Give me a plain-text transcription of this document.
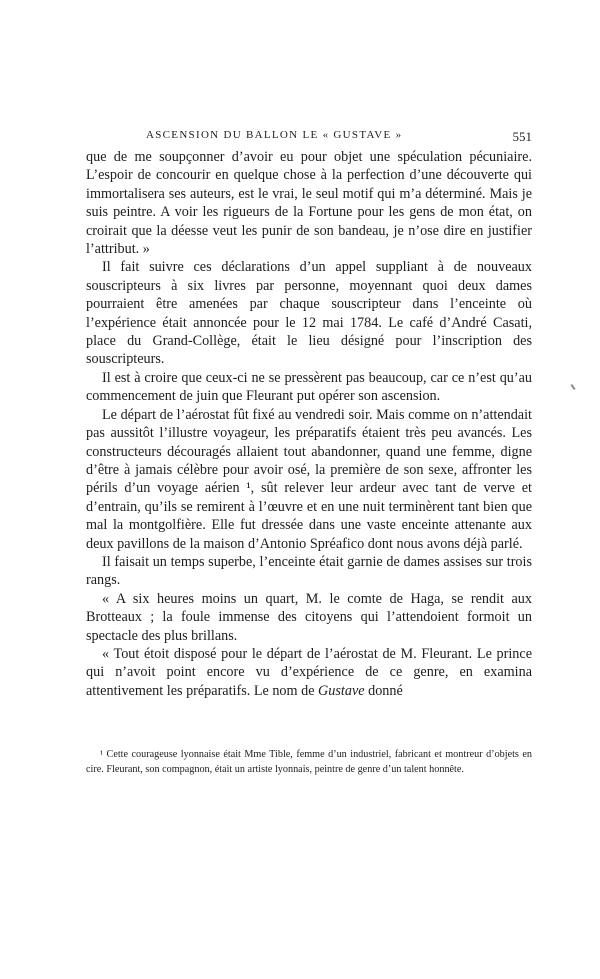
ASCENSION DU BALLON LE « GUSTAVE »	551

que de me soupçonner d’avoir eu pour objet une spéculation pécuniaire. L’espoir de concourir en quelque chose à la perfection d’une découverte qui immortalisera ses auteurs, est le vrai, le seul motif qui m’a déterminé. Mais je suis peintre. A voir les rigueurs de la Fortune pour les gens de mon état, on croirait que la déesse veut les punir de son bandeau, je n’ose dire en justifier l’attribut. »

Il fait suivre ces déclarations d’un appel suppliant à de nouveaux souscripteurs à six livres par personne, moyennant quoi deux dames pourraient être amenées par chaque souscripteur dans l’enceinte où l’expérience était annoncée pour le 12 mai 1784. Le café d’André Casati, place du Grand-Collège, était le lieu désigné pour l’inscription des souscripteurs.

Il est à croire que ceux-ci ne se pressèrent pas beaucoup, car ce n’est qu’au commencement de juin que Fleurant put opérer son ascension.

Le départ de l’aérostat fût fixé au vendredi soir. Mais comme on n’attendait pas aussitôt l’illustre voyageur, les préparatifs étaient très peu avancés. Les constructeurs découragés allaient tout abandonner, quand une femme, digne d’être à jamais célèbre pour avoir osé, la première de son sexe, affronter les périls d’un voyage aérien ¹, sût relever leur ardeur avec tant de verve et d’entrain, qu’ils se remirent à l’œuvre et en une nuit terminèrent tant bien que mal la montgolfière. Elle fut dressée dans une vaste enceinte attenante aux deux pavillons de la maison d’Antonio Spréafico dont nous avons déjà parlé.

Il faisait un temps superbe, l’enceinte était garnie de dames assises sur trois rangs.

« A six heures moins un quart, M. le comte de Haga, se rendit aux Brotteaux ; la foule immense des citoyens qui l’attendoient formoit un spectacle des plus brillans.

« Tout étoit disposé pour le départ de l’aérostat de M. Fleurant. Le prince qui n’avoit point encore vu d’expérience de ce genre, en examina attentivement les préparatifs. Le nom de Gustave donné

¹ Cette courageuse lyonnaise était Mme Tible, femme d’un industriel, fabricant et montreur d’objets en cire. Fleurant, son compagnon, était un artiste lyonnais, peintre de genre d’un talent honnête.
